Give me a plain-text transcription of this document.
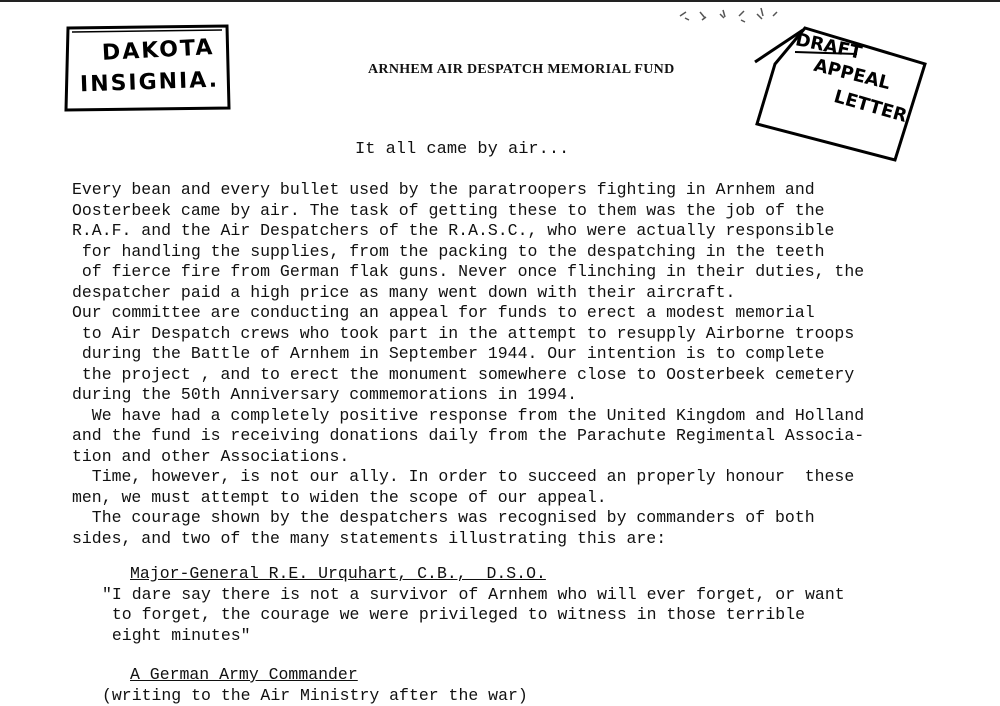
DAKOTA
INSIGNIA.
DRAFT
APPEAL
LETTER
ARNHEM AIR DESPATCH MEMORIAL FUND
It all came by air...
Every bean and every bullet used by the paratroopers fighting in Arnhem and
Oosterbeek came by air. The task of getting these to them was the job of the
R.A.F. and the Air Despatchers of the R.A.S.C., who were actually responsible
for handling the supplies, from the packing to the despatching in the teeth
of fierce fire from German flak guns. Never once flinching in their duties, the
despatcher paid a high price as many went down with their aircraft.
Our committee are conducting an appeal for funds to erect a modest memorial
to Air Despatch crews who took part in the attempt to resupply Airborne troops
during the Battle of Arnhem in September 1944. Our intention is to complete
the project , and to erect the monument somewhere close to Oosterbeek cemetery
during the 50th Anniversary commemorations in 1994.
We have had a completely positive response from the United Kingdom and Holland
and the fund is receiving donations daily from the Parachute Regimental Associa-
tion and other Associations.
Time, however, is not our ally. In order to succeed an properly honour  these
men, we must attempt to widen the scope of our appeal.
The courage shown by the despatchers was recognised by commanders of both
sides, and two of the many statements illustrating this are:
Major-General R.E. Urquhart, C.B.,  D.S.O.
"I dare say there is not a survivor of Arnhem who will ever forget, or want
to forget, the courage we were privileged to witness in those terrible
eight minutes"
A German Army Commander
(writing to the Air Ministry after the war)
